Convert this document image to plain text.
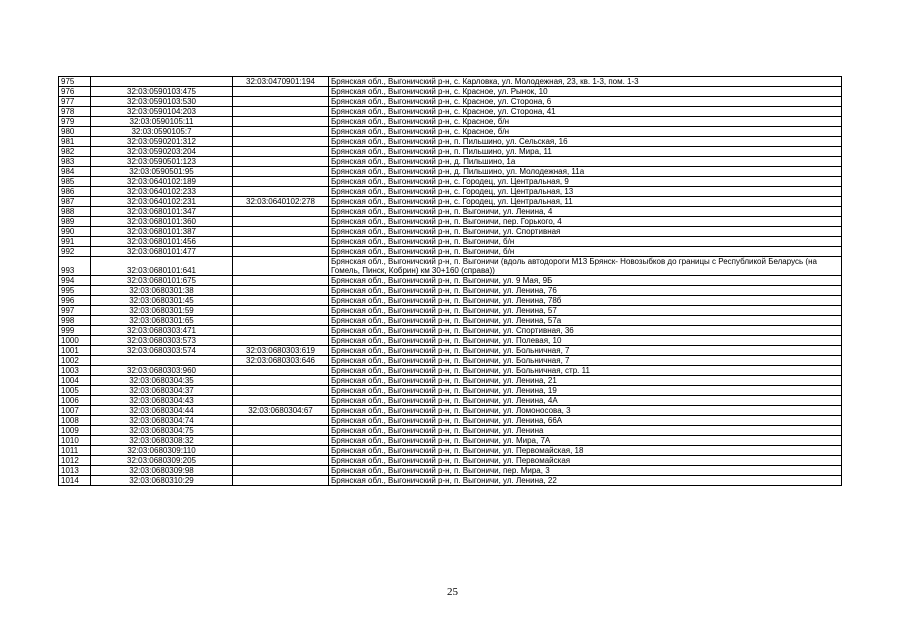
975		32:03:0470901:194	Брянская обл., Выгоничский р-н, с. Карловка, ул. Молодежная, 23, кв. 1-3, пом. 1-3
976	32:03:0590103:475		Брянская обл., Выгоничский р-н, с. Красное, ул. Рынок, 10
977	32:03:0590103:530		Брянская обл., Выгоничский р-н, с. Красное, ул. Сторона, 6
978	32:03:0590104:203		Брянская обл., Выгоничский р-н, с. Красное, ул. Сторона, 41
979	32:03:0590105:11		Брянская обл., Выгоничский р-н, с. Красное, б/н
980	32:03:0590105:7		Брянская обл., Выгоничский р-н, с. Красное, б/н
981	32:03:0590201:312		Брянская обл., Выгоничский р-н, п. Пильшино, ул. Сельская, 16
982	32:03:0590203:204		Брянская обл., Выгоничский р-н, п. Пильшино, ул. Мира, 11
983	32:03:0590501:123		Брянская обл., Выгоничский р-н, д. Пильшино, 1а
984	32:03:0590501:95		Брянская обл., Выгоничский р-н, д. Пильшино, ул. Молодежная, 11а
985	32:03:0640102:189		Брянская обл., Выгоничский р-н, с. Городец, ул. Центральная, 9
986	32:03:0640102:233		Брянская обл., Выгоничский р-н, с. Городец, ул. Центральная, 13
987	32:03:0640102:231	32:03:0640102:278	Брянская обл., Выгоничский р-н, с. Городец, ул. Центральная, 11
988	32:03:0680101:347		Брянская обл., Выгоничский р-н, п. Выгоничи, ул. Ленина, 4
989	32:03:0680101:360		Брянская обл., Выгоничский р-н, п. Выгоничи, пер. Горького, 4
990	32:03:0680101:387		Брянская обл., Выгоничский р-н, п. Выгоничи, ул. Спортивная
991	32:03:0680101:456		Брянская обл., Выгоничский р-н, п. Выгоничи, б/н
992	32:03:0680101:477		Брянская обл., Выгоничский р-н, п. Выгоничи, б/н
993	32:03:0680101:641		Брянская обл., Выгоничский р-н, п. Выгоничи (вдоль автодороги М13 Брянск- Новозыбков до границы с Республикой Беларусь (на Гомель, Пинск, Кобрин) км 30+160 (справа))
994	32:03:0680101:675		Брянская обл., Выгоничский р-н, п. Выгоничи, ул. 9 Мая, 9Б
995	32:03:0680301:38		Брянская обл., Выгоничский р-н, п. Выгоничи, ул. Ленина, 76
996	32:03:0680301:45		Брянская обл., Выгоничский р-н, п. Выгоничи, ул. Ленина, 78б
997	32:03:0680301:59		Брянская обл., Выгоничский р-н, п. Выгоничи, ул. Ленина, 57
998	32:03:0680301:65		Брянская обл., Выгоничский р-н, п. Выгоничи, ул. Ленина, 57а
999	32:03:0680303:471		Брянская обл., Выгоничский р-н, п. Выгоничи, ул. Спортивная, 36
1000	32:03:0680303:573		Брянская обл., Выгоничский р-н, п. Выгоничи, ул. Полевая, 10
1001	32:03:0680303:574	32:03:0680303:619	Брянская обл., Выгоничский р-н, п. Выгоничи, ул. Больничная, 7
1002		32:03:0680303:646	Брянская обл., Выгоничский р-н, п. Выгоничи, ул. Больничная, 7
1003	32:03:0680303:960		Брянская обл., Выгоничский р-н, п. Выгоничи, ул. Больничная, стр. 11
1004	32:03:0680304:35		Брянская обл., Выгоничский р-н, п. Выгоничи, ул. Ленина, 21
1005	32:03:0680304:37		Брянская обл., Выгоничский р-н, п. Выгоничи, ул. Ленина, 19
1006	32:03:0680304:43		Брянская обл., Выгоничский р-н, п. Выгоничи, ул. Ленина, 4А
1007	32:03:0680304:44	32:03:0680304:67	Брянская обл., Выгоничский р-н, п. Выгоничи, ул. Ломоносова, 3
1008	32:03:0680304:74		Брянская обл., Выгоничский р-н, п. Выгоничи, ул. Ленина, 66А
1009	32:03:0680304:75		Брянская обл., Выгоничский р-н, п. Выгоничи, ул. Ленина
1010	32:03:0680308:32		Брянская обл., Выгоничский р-н, п. Выгоничи, ул. Мира, 7А
1011	32:03:0680309:110		Брянская обл., Выгоничский р-н, п. Выгоничи, ул. Первомайская, 18
1012	32:03:0680309:205		Брянская обл., Выгоничский р-н, п. Выгоничи, ул. Первомайская
1013	32:03:0680309:98		Брянская обл., Выгоничский р-н, п. Выгоничи, пер. Мира, 3
1014	32:03:0680310:29		Брянская обл., Выгоничский р-н, п. Выгоничи, ул. Ленина, 22
25
